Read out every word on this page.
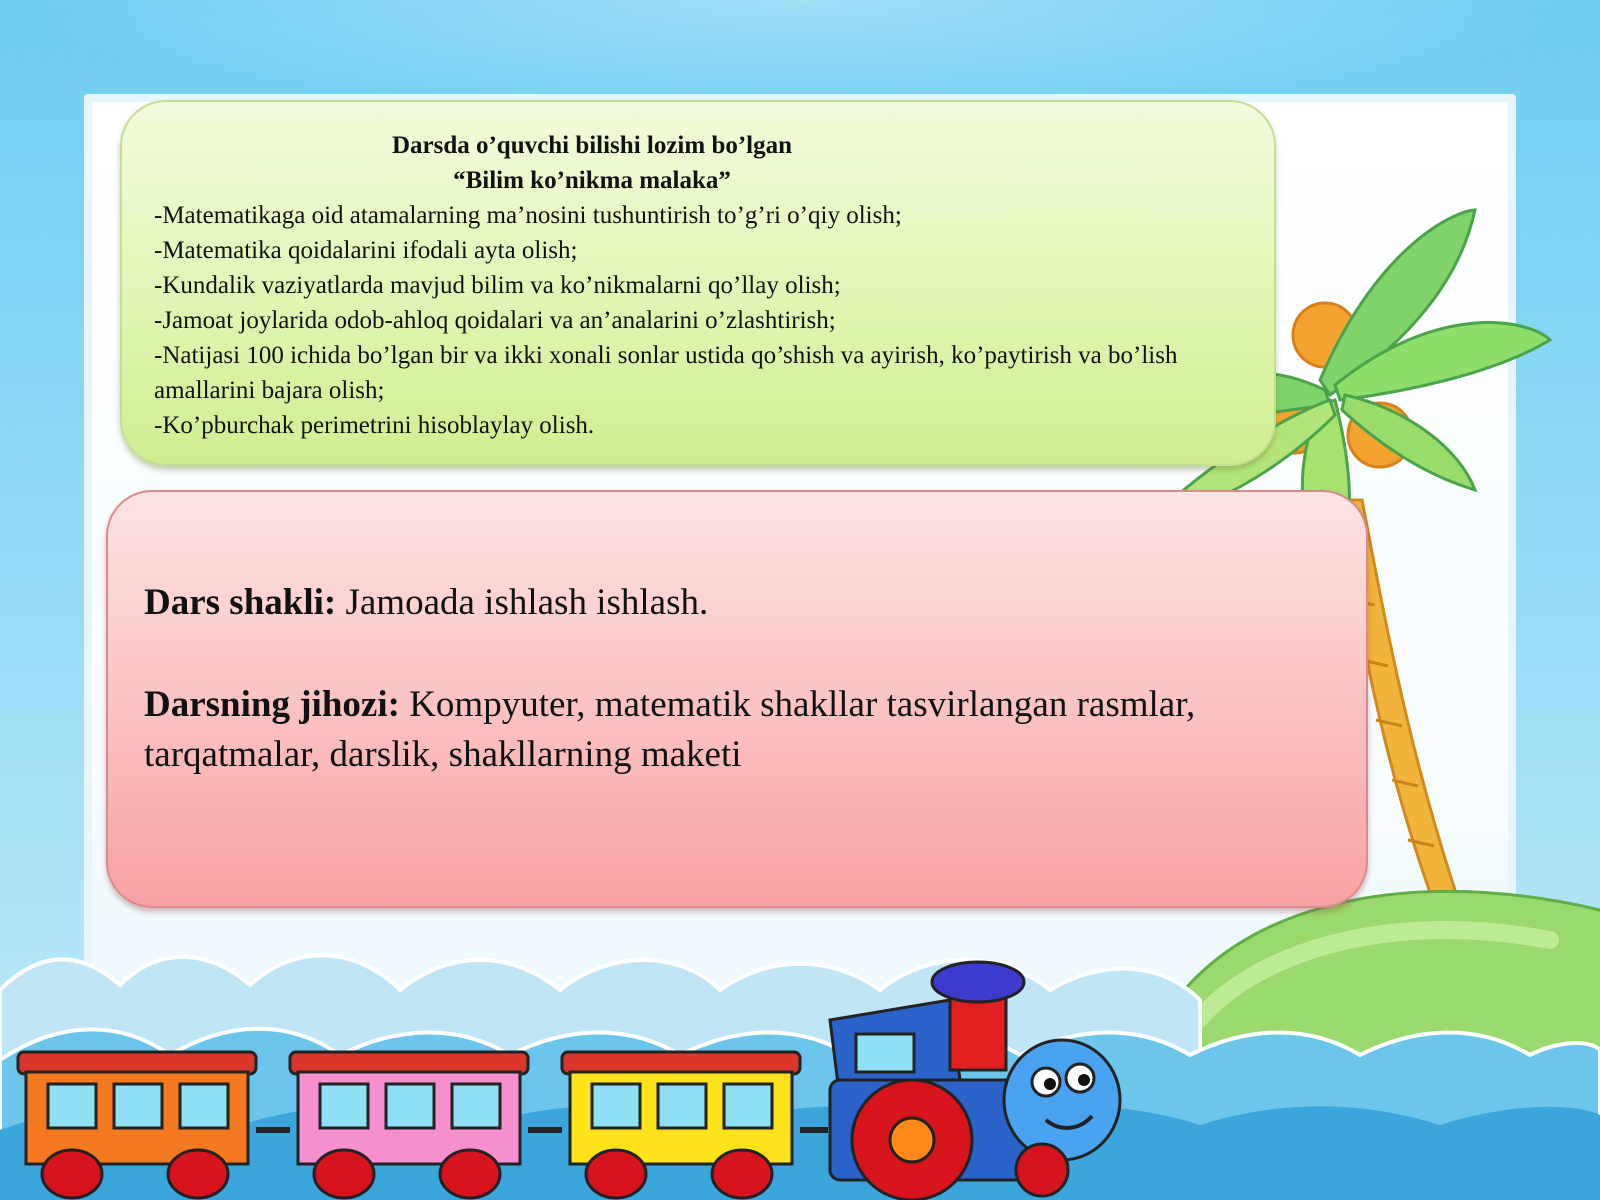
Darsda o’quvchi bilishi lozim bo’lgan
“Bilim ko’nikma malaka”
-Matematikaga oid atamalarning ma’nosini tushuntirish to’g’ri o’qiy olish;
-Matematika qoidalarini ifodali ayta olish;
-Kundalik vaziyatlarda mavjud bilim va ko’nikmalarni qo’llay olish;
-Jamoat joylarida odob-ahloq qoidalari va an’analarini o’zlashtirish;
-Natijasi 100 ichida bo’lgan bir va ikki xonali sonlar ustida qo’shish va ayirish, ko’paytirish va bo’lish amallarini bajara olish;
-Ko’pburchak perimetrini hisoblaylay olish.

Dars shakli: Jamoada ishlash ishlash.

Darsning jihozi: Kompyuter, matematik shakllar tasvirlangan rasmlar, tarqatmalar, darslik, shakllarning maketi
